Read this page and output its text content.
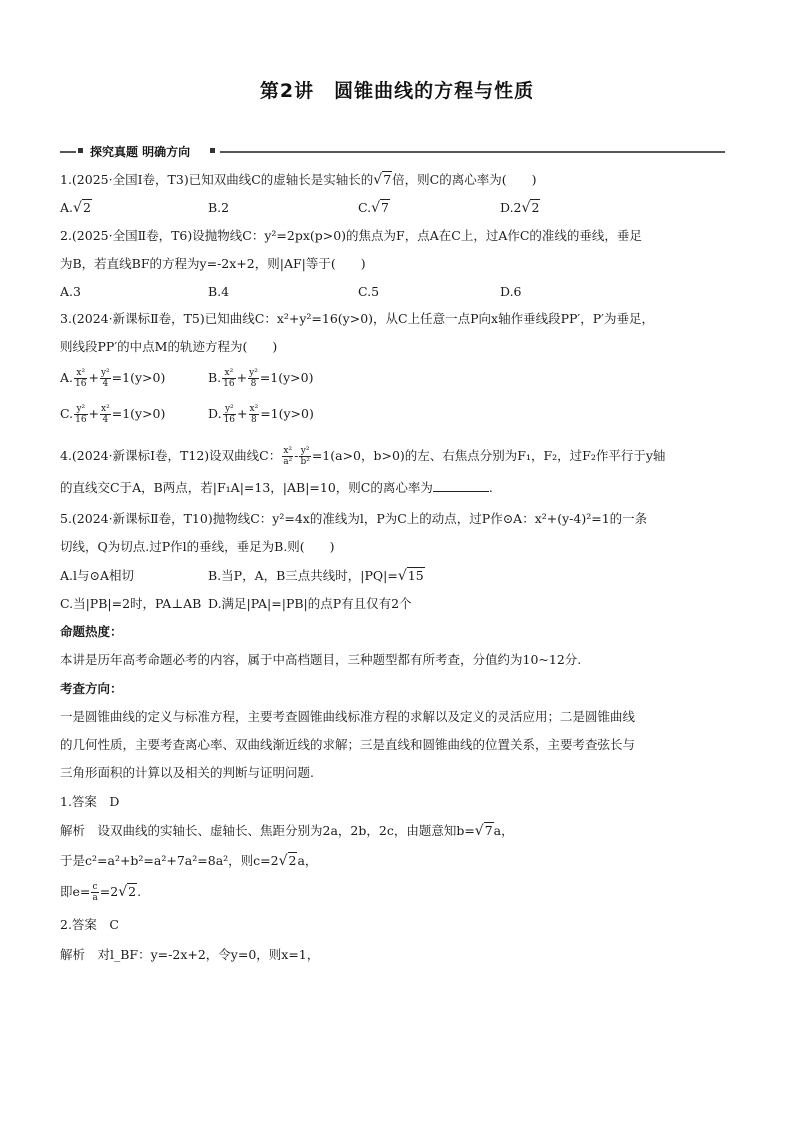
第2讲　圆锥曲线的方程与性质
探究真题 明确方向
1.(2025·全国Ⅰ卷，T3)已知双曲线C的虚轴长是实轴长的√7倍，则C的离心率为(　　)
A.√2	B.2	C.√7	D.2√2
2.(2025·全国Ⅱ卷，T6)设抛物线C：y²=2px(p>0)的焦点为F，点A在C上，过A作C的准线的垂线，垂足
为B，若直线BF的方程为y=-2x+2，则|AF|等于(　　)
A.3	B.4	C.5	D.6
3.(2024·新课标Ⅱ卷，T5)已知曲线C：x²+y²=16(y>0)，从C上任意一点P向x轴作垂线段PP′，P′为垂足，
则线段PP′的中点M的轨迹方程为(　　)
A. $\frac{\text{x²}}{16} + \frac{\text{y²}}{4} =1(y>0)$	B. $\frac{\text{x²}}{16} + \frac{\text{y²}}{8} =1(y>0)$
C. $\frac{\text{y²}}{16} + \frac{\text{x²}}{4} =1(y>0)$	D. $\frac{\text{y²}}{16} + \frac{\text{x²}}{8} =1(y>0)$
4.(2024·新课标Ⅰ卷，T12)设双曲线C： $\frac{\text{x²}}{\text{a²}} - \frac{\text{y²}}{\text{b²}} =1(a>0$，b>0)的左、右焦点分别为F₁，F₂，过F₂作平行于y轴
的直线交C于A，B两点，若|F₁A|=13，|AB|=10，则C的离心率为	.
5.(2024·新课标Ⅱ卷，T10)抛物线C：y²=4x的准线为l，P为C上的动点，过P作⊙A：x²+(y-4)²=1的一条
切线，Q为切点.过P作l的垂线，垂足为B.则(　　)
A.l与⊙A相切	B.当P，A，B三点共线时，|PQ|=√15
C.当|PB|=2时，PA⊥AB D.满足|PA|=|PB|的点P有且仅有2个
命题热度：
本讲是历年高考命题必考的内容，属于中高档题目，三种题型都有所考查，分值约为10~12分.
考查方向：
一是圆锥曲线的定义与标准方程，主要考查圆锥曲线标准方程的求解以及定义的灵活应用；二是圆锥曲线
的几何性质，主要考查离心率、双曲线渐近线的求解；三是直线和圆锥曲线的位置关系，主要考查弦长与
三角形面积的计算以及相关的判断与证明问题.
1.答案　D
解析　设双曲线的实轴长、虚轴长、焦距分别为2a，2b，2c，由题意知b=√7a，
于是c²=a²+b²=a²+7a²=8a²，则c=2√2a，
即$e= \frac{c}{a} =2√2$.
2.答案　C
解析　对l_BF：y=-2x+2，令y=0，则x=1，
